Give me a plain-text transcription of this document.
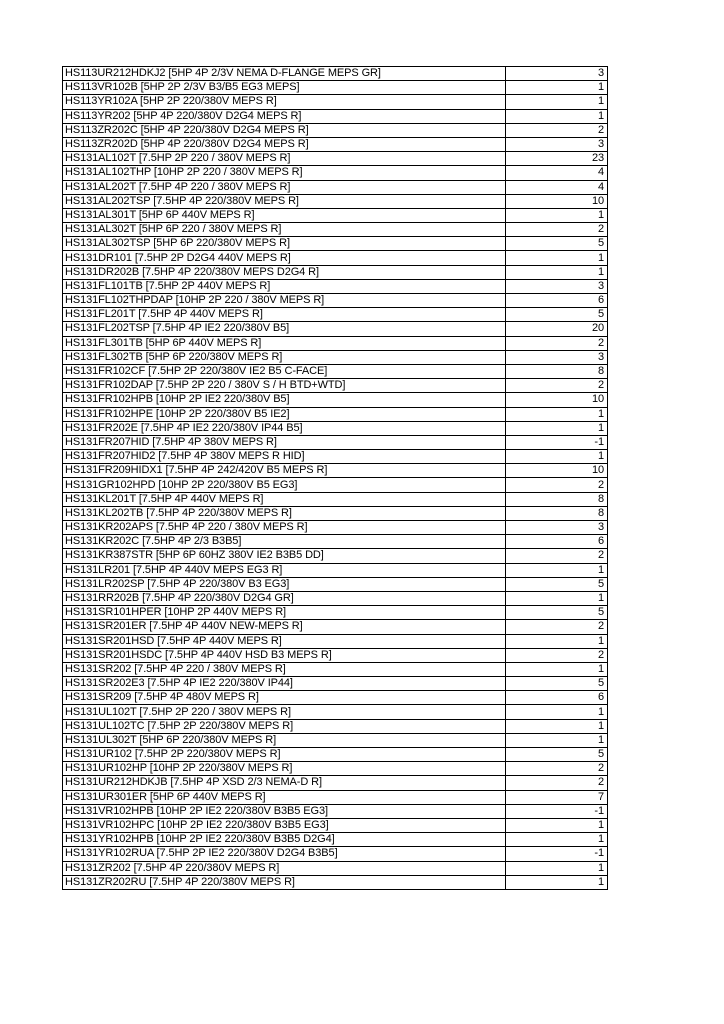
HS113UR212HDKJ2 [5HP 4P 2/3V NEMA D-FLANGE MEPS GR]	3
HS113VR102B [5HP 2P 2/3V B3/B5 EG3 MEPS]	1
HS113YR102A [5HP 2P 220/380V MEPS R]	1
HS113YR202 [5HP 4P 220/380V D2G4 MEPS R]	1
HS113ZR202C [5HP 4P 220/380V D2G4 MEPS R]	2
HS113ZR202D [5HP 4P 220/380V D2G4 MEPS R]	3
HS131AL102T [7.5HP 2P 220 / 380V MEPS R]	23
HS131AL102THP [10HP 2P 220 / 380V MEPS R]	4
HS131AL202T [7.5HP 4P 220 / 380V MEPS R]	4
HS131AL202TSP [7.5HP 4P 220/380V MEPS R]	10
HS131AL301T [5HP 6P 440V MEPS R]	1
HS131AL302T [5HP 6P 220 / 380V MEPS R]	2
HS131AL302TSP [5HP 6P 220/380V MEPS R]	5
HS131DR101 [7.5HP 2P D2G4 440V MEPS R]	1
HS131DR202B [7.5HP 4P 220/380V MEPS D2G4 R]	1
HS131FL101TB [7.5HP 2P 440V MEPS R]	3
HS131FL102THPDAP [10HP 2P 220 / 380V MEPS R]	6
HS131FL201T [7.5HP 4P 440V MEPS R]	5
HS131FL202TSP [7.5HP 4P IE2 220/380V B5]	20
HS131FL301TB [5HP 6P 440V MEPS R]	2
HS131FL302TB [5HP 6P 220/380V MEPS R]	3
HS131FR102CF [7.5HP 2P 220/380V IE2 B5 C-FACE]	8
HS131FR102DAP [7.5HP 2P 220 / 380V S / H BTD+WTD]	2
HS131FR102HPB [10HP 2P IE2 220/380V B5]	10
HS131FR102HPE [10HP 2P 220/380V B5 IE2]	1
HS131FR202E [7.5HP 4P IE2 220/380V IP44 B5]	1
HS131FR207HID [7.5HP 4P 380V MEPS R]	-1
HS131FR207HID2 [7.5HP 4P 380V MEPS R HID]	1
HS131FR209HIDX1 [7.5HP 4P 242/420V B5 MEPS R]	10
HS131GR102HPD [10HP 2P 220/380V B5 EG3]	2
HS131KL201T [7.5HP 4P 440V MEPS R]	8
HS131KL202TB [7.5HP 4P 220/380V MEPS R]	8
HS131KR202APS [7.5HP 4P 220 / 380V MEPS R]	3
HS131KR202C [7.5HP 4P 2/3 B3B5]	6
HS131KR387STR [5HP 6P 60HZ 380V IE2 B3B5 DD]	2
HS131LR201 [7.5HP 4P 440V MEPS EG3 R]	1
HS131LR202SP [7.5HP 4P 220/380V B3 EG3]	5
HS131RR202B [7.5HP 4P 220/380V D2G4 GR]	1
HS131SR101HPER [10HP 2P 440V MEPS R]	5
HS131SR201ER [7.5HP 4P 440V NEW-MEPS R]	2
HS131SR201HSD [7.5HP 4P 440V MEPS R]	1
HS131SR201HSDC [7.5HP 4P 440V HSD B3 MEPS R]	2
HS131SR202 [7.5HP 4P 220 / 380V MEPS R]	1
HS131SR202E3 [7.5HP 4P IE2 220/380V IP44]	5
HS131SR209 [7.5HP 4P 480V MEPS R]	6
HS131UL102T [7.5HP 2P 220 / 380V MEPS R]	1
HS131UL102TC [7.5HP 2P 220/380V MEPS R]	1
HS131UL302T [5HP 6P 220/380V MEPS R]	1
HS131UR102 [7.5HP 2P 220/380V MEPS R]	5
HS131UR102HP [10HP 2P 220/380V MEPS R]	2
HS131UR212HDKJB [7.5HP 4P XSD 2/3 NEMA-D R]	2
HS131UR301ER [5HP 6P 440V MEPS R]	7
HS131VR102HPB [10HP 2P IE2 220/380V B3B5 EG3]	-1
HS131VR102HPC [10HP 2P IE2 220/380V B3B5 EG3]	1
HS131YR102HPB [10HP 2P IE2 220/380V B3B5 D2G4]	1
HS131YR102RUA [7.5HP 2P IE2 220/380V D2G4 B3B5]	-1
HS131ZR202 [7.5HP 4P 220/380V MEPS R]	1
HS131ZR202RU [7.5HP 4P 220/380V MEPS R]	1
